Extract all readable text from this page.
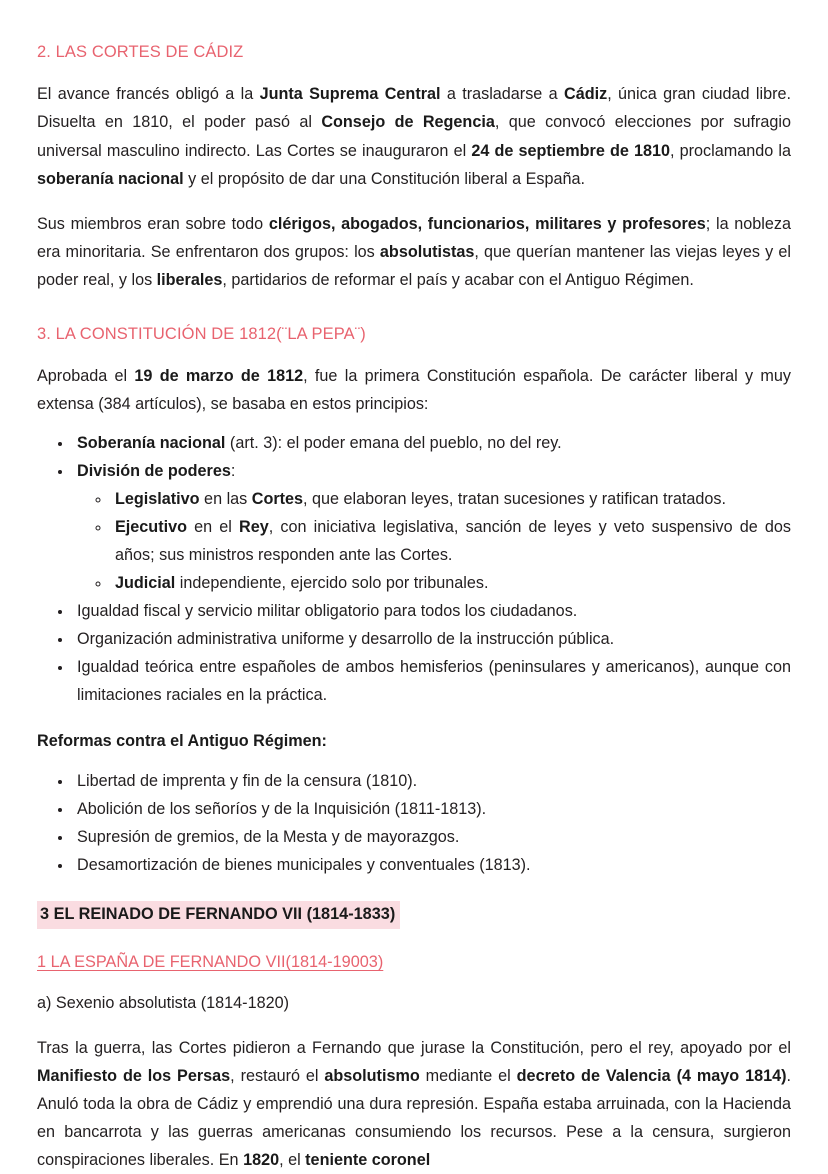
2. LAS CORTES DE CÁDIZ

El avance francés obligó a la Junta Suprema Central a trasladarse a Cádiz, única gran ciudad libre. Disuelta en 1810, el poder pasó al Consejo de Regencia, que convocó elecciones por sufragio universal masculino indirecto. Las Cortes se inauguraron el 24 de septiembre de 1810, proclamando la soberanía nacional y el propósito de dar una Constitución liberal a España.

Sus miembros eran sobre todo clérigos, abogados, funcionarios, militares y profesores; la nobleza era minoritaria. Se enfrentaron dos grupos: los absolutistas, que querían mantener las viejas leyes y el poder real, y los liberales, partidarios de reformar el país y acabar con el Antiguo Régimen.

3. LA CONSTITUCIÓN DE 1812(¨LA PEPA¨)

Aprobada el 19 de marzo de 1812, fue la primera Constitución española. De carácter liberal y muy extensa (384 artículos), se basaba en estos principios:

• Soberanía nacional (art. 3): el poder emana del pueblo, no del rey.
• División de poderes:
◦ Legislativo en las Cortes, que elaboran leyes, tratan sucesiones y ratifican tratados.
◦ Ejecutivo en el Rey, con iniciativa legislativa, sanción de leyes y veto suspensivo de dos años; sus ministros responden ante las Cortes.
◦ Judicial independiente, ejercido solo por tribunales.
• Igualdad fiscal y servicio militar obligatorio para todos los ciudadanos.
• Organización administrativa uniforme y desarrollo de la instrucción pública.
• Igualdad teórica entre españoles de ambos hemisferios (peninsulares y americanos), aunque con limitaciones raciales en la práctica.

Reformas contra el Antiguo Régimen:

• Libertad de imprenta y fin de la censura (1810).
• Abolición de los señoríos y de la Inquisición (1811-1813).
• Supresión de gremios, de la Mesta y de mayorazgos.
• Desamortización de bienes municipales y conventuales (1813).
3 EL REINADO DE FERNANDO VII (1814-1833)
1 LA ESPAÑA DE FERNANDO VII(1814-19003)

a) Sexenio absolutista (1814-1820)

Tras la guerra, las Cortes pidieron a Fernando que jurase la Constitución, pero el rey, apoyado por el Manifiesto de los Persas, restauró el absolutismo mediante el decreto de Valencia (4 mayo 1814). Anuló toda la obra de Cádiz y emprendió una dura represión. España estaba arruinada, con la Hacienda en bancarrota y las guerras americanas consumiendo los recursos. Pese a la censura, surgieron conspiraciones liberales. En 1820, el teniente coronel
